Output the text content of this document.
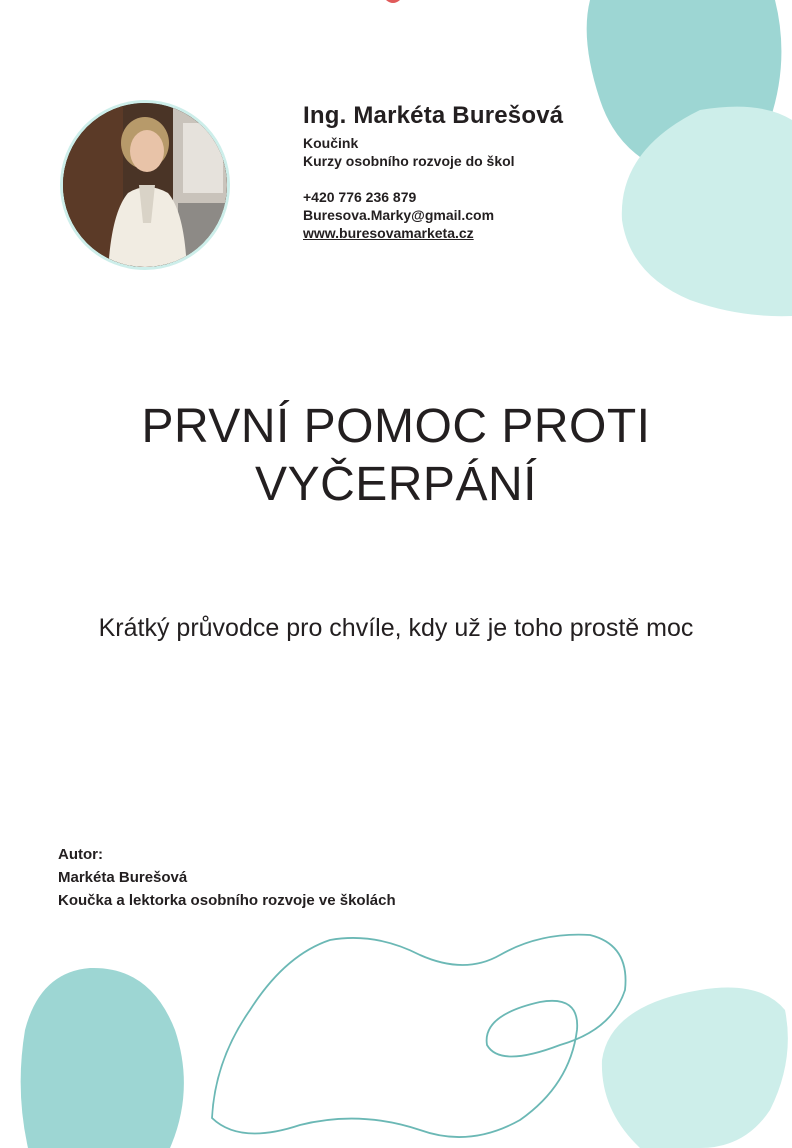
Ing. Markéta Burešová

Koučink

Kurzy osobního rozvoje do škol

+420 776 236 879

Buresova.Marky@gmail.com

www.buresovamarketa.cz

PRVNÍ POMOC PROTI
VYČERPÁNÍ

Krátký průvodce pro chvíle, kdy už je toho prostě moc

Autor:

Markéta Burešová

Koučka a lektorka osobního rozvoje ve školách
